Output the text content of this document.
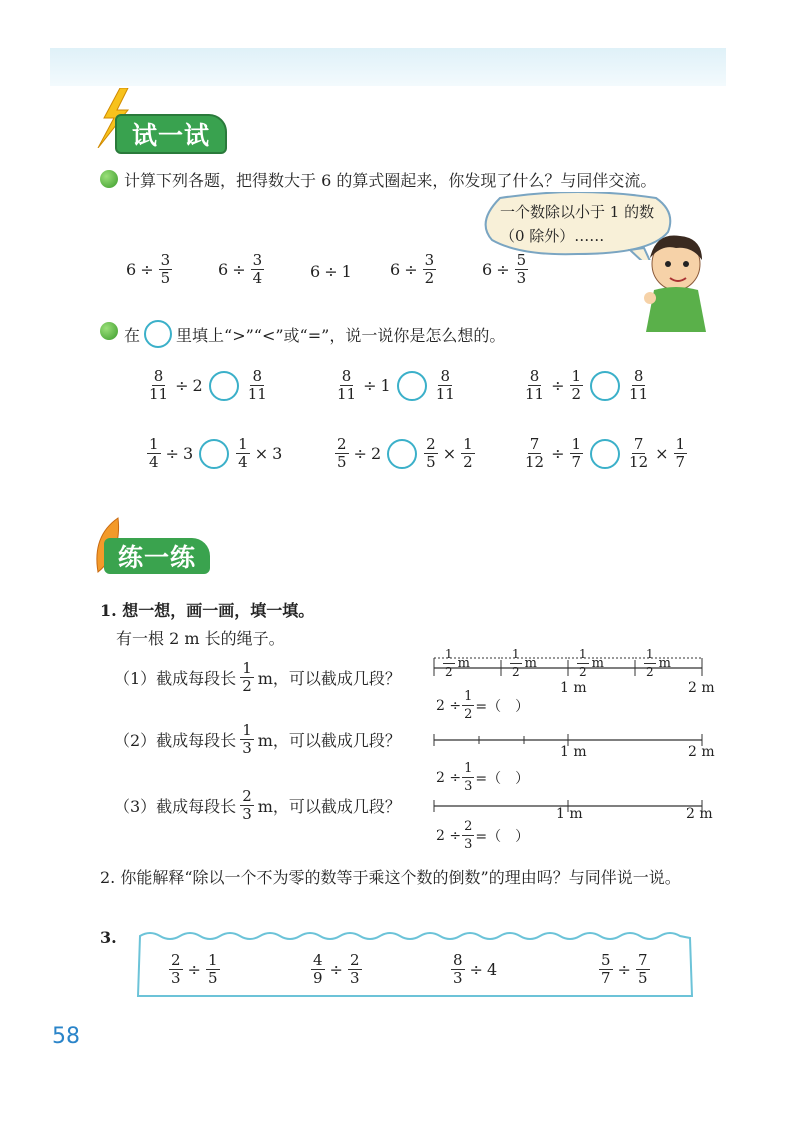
试一试
计算下列各题，把得数大于 6 的算式圈起来，你发现了什么？与同伴交流。
一个数除以小于 1 的数（0 除外）……
$6 \div \frac{3}{5}$	$6 \div \frac{3}{4}$	6 ÷ 1 $6 \div \frac{3}{2}$	$6 \div \frac{5}{3}$
在 里填上“>”“<”或“=”，说一说你是怎么想的。
$\frac{8}{11} \div 2$	$\frac{8}{11}$	$\frac{8}{11} \div 1$	$\frac{8}{11}$	$\frac{8}{11} \div \frac{1}{2}$	$\frac{8}{11}$
$\frac{1}{4} \div 3$	$\frac{1}{4} \times 3$	$\frac{2}{5} \div 2$	$\frac{2}{5} \times \frac{1}{2}$	$\frac{7}{12} \div \frac{1}{7}$	$\frac{7}{12} \times \frac{1}{7}$
练一练
1. 想一想，画一画，填一填。
有一根 2 m 长的绳子。
（1）截成每段长 $\frac{1}{2}$ m，可以截成几段？
$2 \div \frac{1}{2}$ =（　）
（2）截成每段长 $\frac{1}{3}$ m，可以截成几段？
$2 \div \frac{1}{3}$ =（　）
（3）截成每段长 $\frac{2}{3}$ m，可以截成几段？
$2 \div \frac{2}{3}$ =（　）
$\frac{1}{2}$ m	$\frac{1}{2}$ m	$\frac{1}{2}$ m	$\frac{1}{2}$ m
1 m	2 m
1 m	2 m
1 m	2 m
2. 你能解释“除以一个不为零的数等于乘这个数的倒数”的理由吗？与同伴说一说。
3.
$\frac{2}{3} \div \frac{1}{5}$	$\frac{4}{9} \div \frac{2}{3}$	$\frac{8}{3} \div 4$	$\frac{5}{7} \div \frac{7}{5}$
58
